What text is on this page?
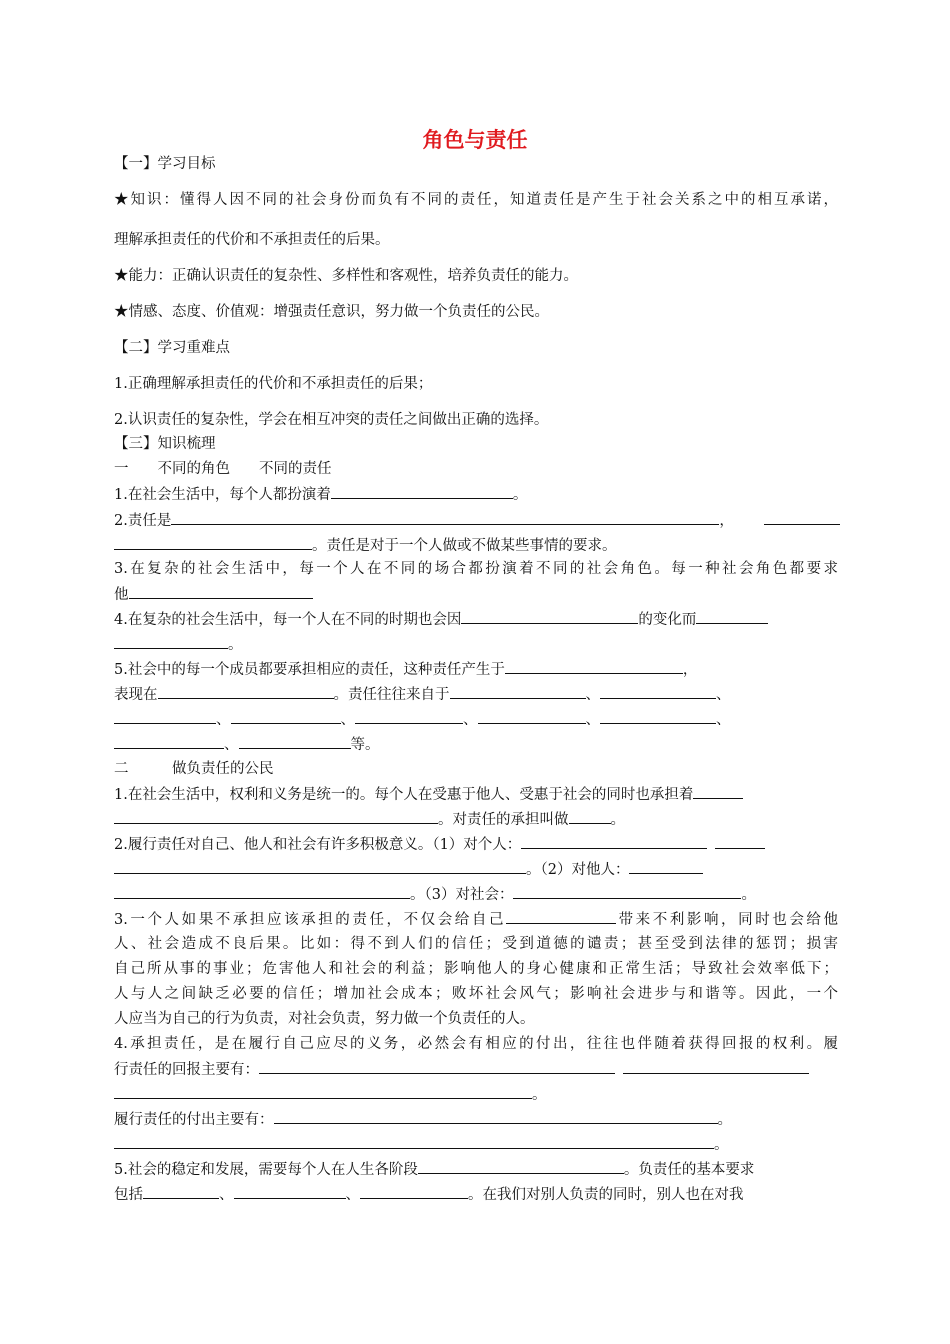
角色与责任
【一】学习目标
★知识：懂得人因不同的社会身份而负有不同的责任，知道责任是产生于社会关系之中的相互承诺，
理解承担责任的代价和不承担责任的后果。
★能力：正确认识责任的复杂性、多样性和客观性，培养负责任的能力。
★情感、态度、价值观：增强责任意识，努力做一个负责任的公民。
【二】学习重难点
1.正确理解承担责任的代价和不承担责任的后果；
2.认识责任的复杂性，学会在相互冲突的责任之间做出正确的选择。
【三】知识梳理
一　　不同的角色　　不同的责任
1.在社会生活中，每个人都扮演着	。
2.责任是	，
。责任是对于一个人做或不做某些事情的要求。
3.在复杂的社会生活中，每一个人在不同的场合都扮演着不同的社会角色。每一种社会角色都要求
他
4.在复杂的社会生活中，每一个人在不同的时期也会因	的变化而
。
5.社会中的每一个成员都要承担相应的责任，这种责任产生于	，
表现在	。责任往往来自于	、	、
、	、	、	、	、
、	等。
二　　　做负责任的公民
1.在社会生活中，权利和义务是统一的。每个人在受惠于他人、受惠于社会的同时也承担着
。对责任的承担叫做	。
2.履行责任对自己、他人和社会有许多积极意义。（1）对个人：
。（2）对他人：
。（3）对社会：	。
3.一个人如果不承担应该承担的责任，不仅会给自己	带来不利影响，同时也会给他
人、社会造成不良后果。比如：得不到人们的信任；受到道德的谴责；甚至受到法律的惩罚；损害
自己所从事的事业；危害他人和社会的利益；影响他人的身心健康和正常生活；导致社会效率低下；
人与人之间缺乏必要的信任；增加社会成本；败坏社会风气；影响社会进步与和谐等。因此，一个
人应当为自己的行为负责，对社会负责，努力做一个负责任的人。
4.承担责任，是在履行自己应尽的义务，必然会有相应的付出，往往也伴随着获得回报的权利。履
行责任的回报主要有：
。
履行责任的付出主要有：	。
。
5.社会的稳定和发展，需要每个人在人生各阶段	。负责任的基本要求
包括	、	、	。在我们对别人负责的同时，别人也在对我
